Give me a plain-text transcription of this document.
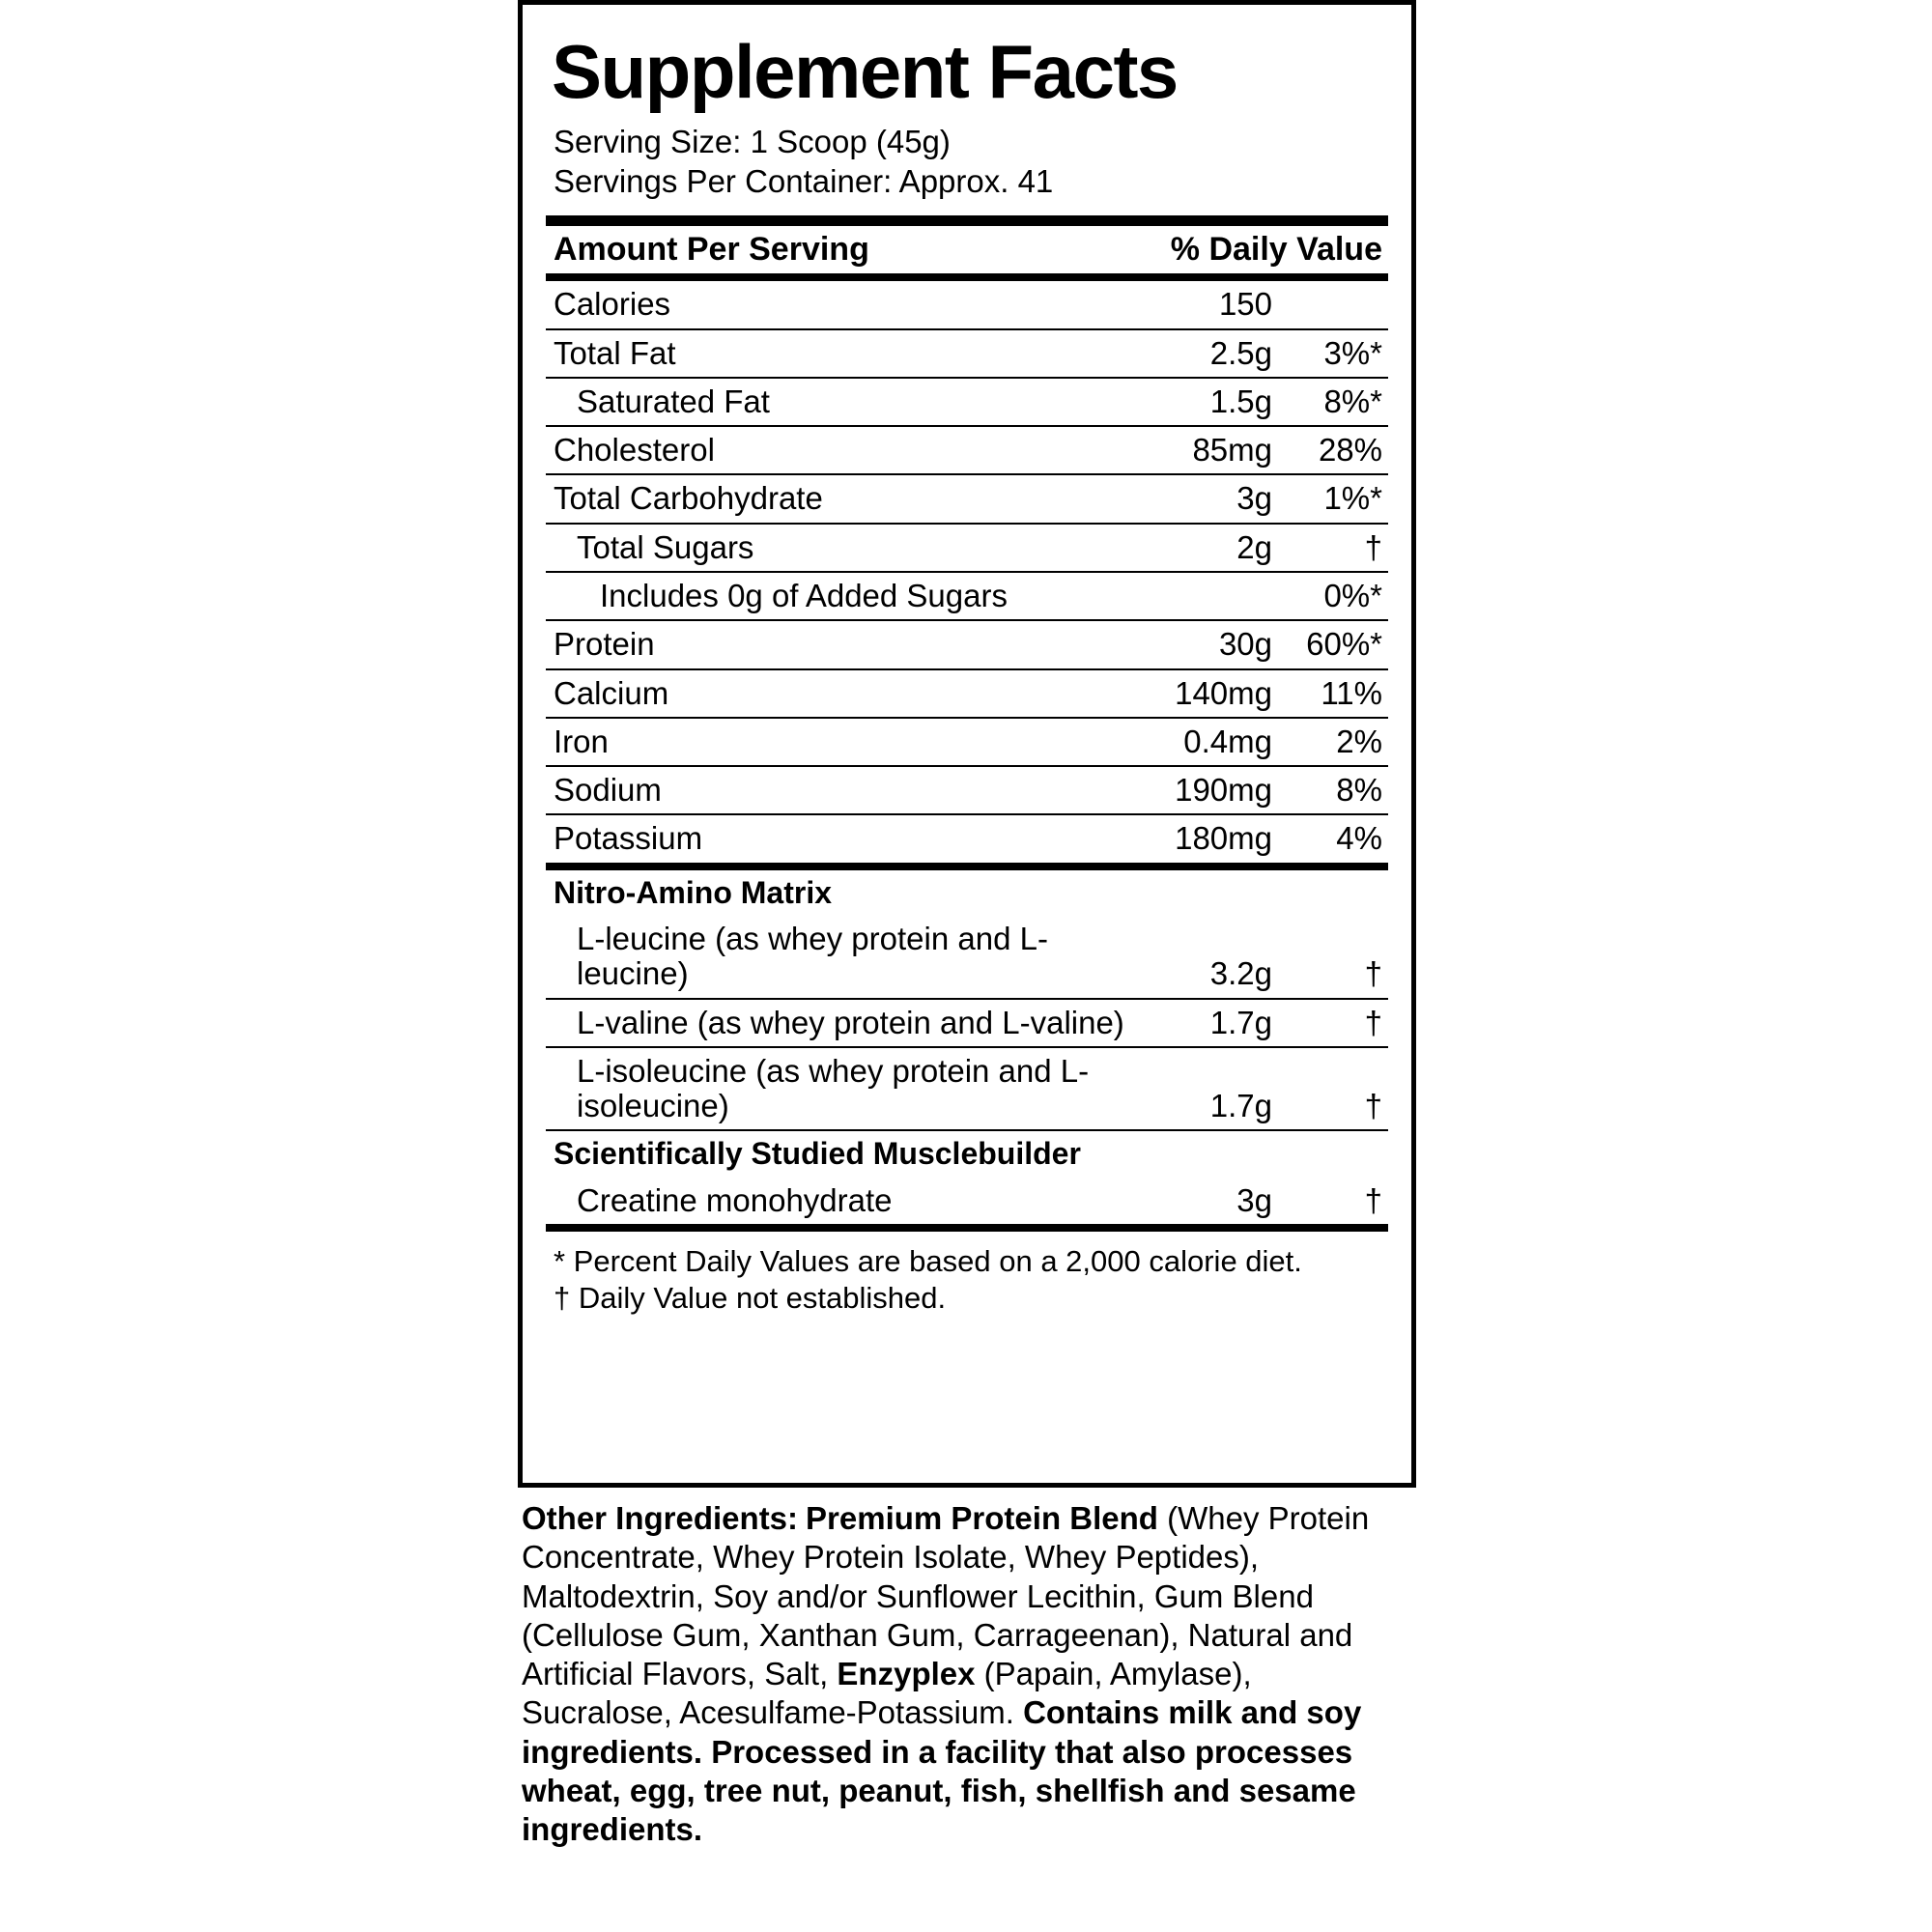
Supplement Facts
Serving Size: 1 Scoop (45g)
Servings Per Container: Approx. 41
Amount Per Serving		% Daily Value
Calories	150	
Total Fat	2.5g	3%*
Saturated Fat	1.5g	8%*
Cholesterol	85mg	28%
Total Carbohydrate	3g	1%*
Total Sugars	2g	†
Includes 0g of Added Sugars		0%*
Protein	30g	60%*
Calcium	140mg	11%
Iron	0.4mg	2%
Sodium	190mg	8%
Potassium	180mg	4%
Nitro-Amino Matrix		
L-leucine (as whey protein and L-leucine)	3.2g	†
L-valine (as whey protein and L-valine)	1.7g	†
L-isoleucine (as whey protein and L-isoleucine)	1.7g	†
Scientifically Studied Musclebuilder		
Creatine monohydrate	3g	†
* Percent Daily Values are based on a 2,000 calorie diet.
† Daily Value not established.
Other Ingredients: Premium Protein Blend (Whey Protein Concentrate, Whey Protein Isolate, Whey Peptides), Maltodextrin, Soy and/or Sunflower Lecithin, Gum Blend (Cellulose Gum, Xanthan Gum, Carrageenan), Natural and Artificial Flavors, Salt, Enzyplex (Papain, Amylase), Sucralose, Acesulfame-Potassium. Contains milk and soy ingredients. Processed in a facility that also processes wheat, egg, tree nut, peanut, fish, shellfish and sesame ingredients.
